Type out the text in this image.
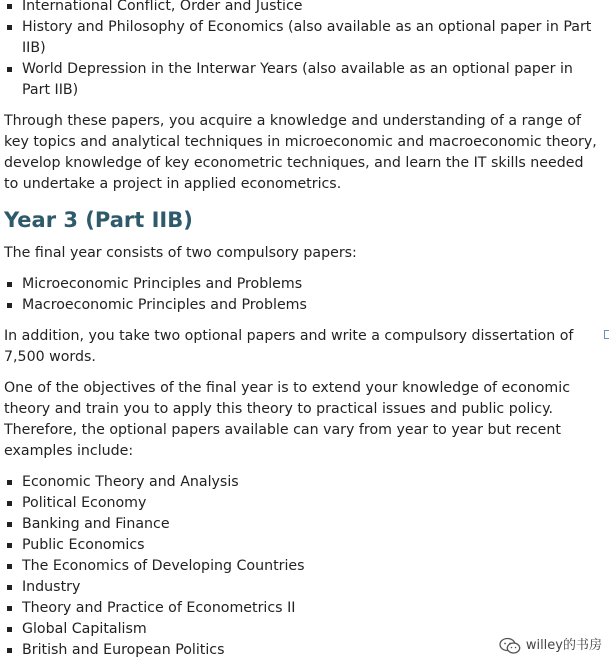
International Conflict, Order and Justice
History and Philosophy of Economics (also available as an optional paper in Part IIB)
World Depression in the Interwar Years (also available as an optional paper in Part IIB)

Through these papers, you acquire a knowledge and understanding of a range of key topics and analytical techniques in microeconomic and macroeconomic theory, develop knowledge of key econometric techniques, and learn the IT skills needed to undertake a project in applied econometrics.

Year 3 (Part IIB)

The final year consists of two compulsory papers:

Microeconomic Principles and Problems
Macroeconomic Principles and Problems

In addition, you take two optional papers and write a compulsory dissertation of 7,500 words.

One of the objectives of the final year is to extend your knowledge of economic theory and train you to apply this theory to practical issues and public policy. Therefore, the optional papers available can vary from year to year but recent examples include:

Economic Theory and Analysis
Political Economy
Banking and Finance
Public Economics
The Economics of Developing Countries
Industry
Theory and Practice of Econometrics II
Global Capitalism
British and European Politics	willey的书房
